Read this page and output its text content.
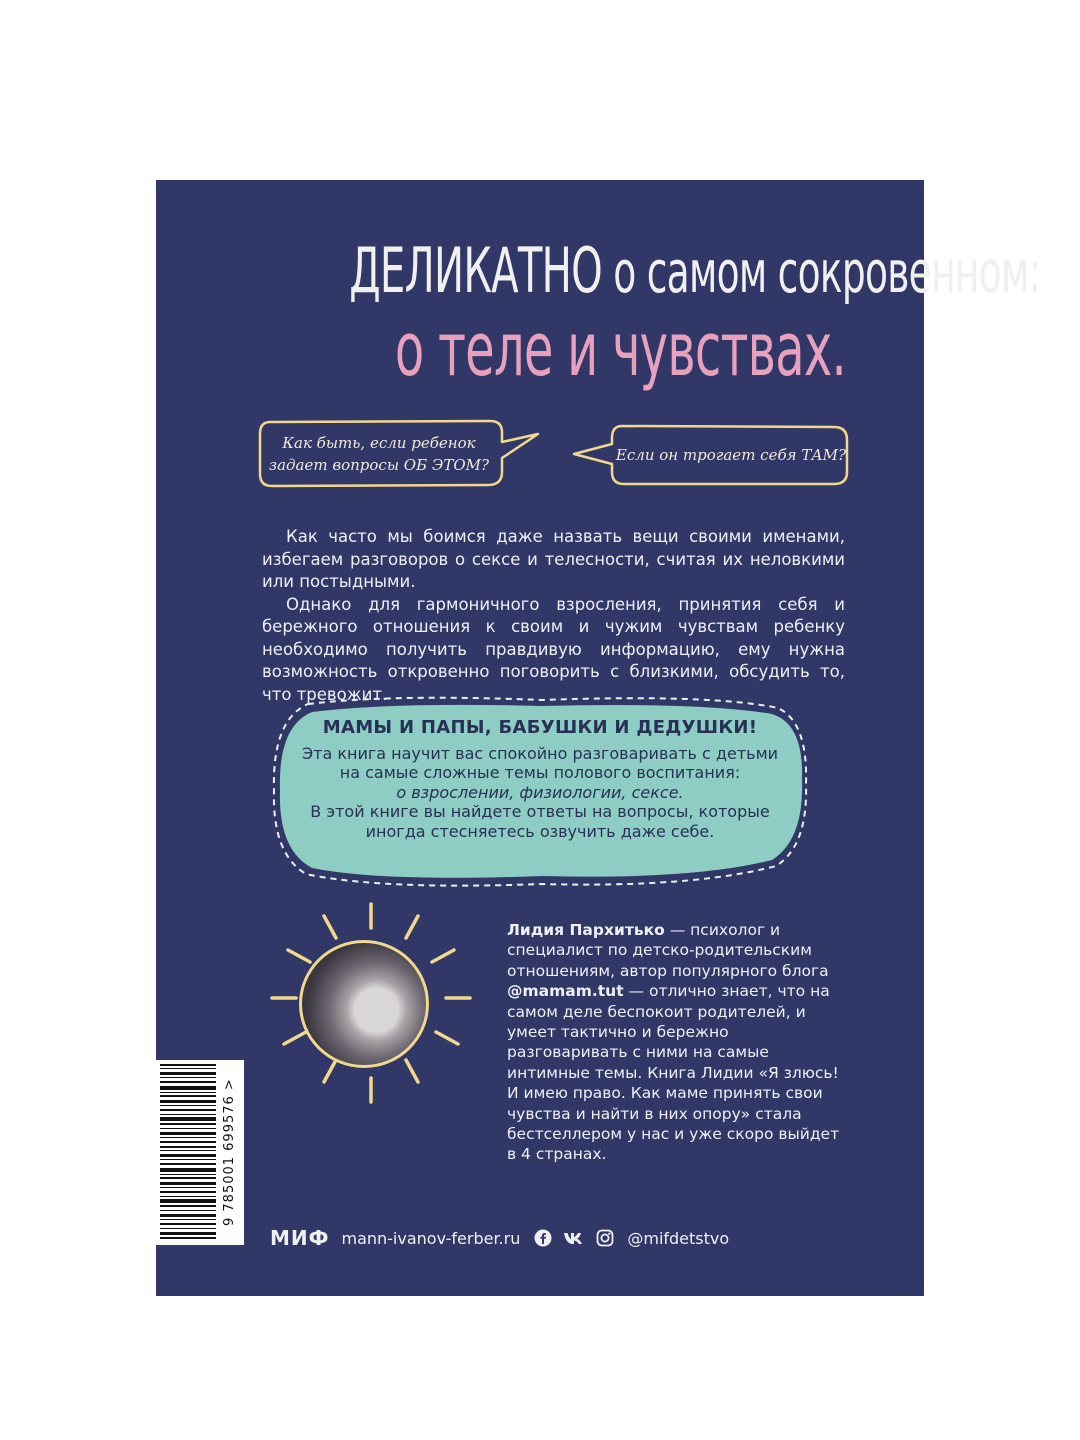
ДЕЛИКАТНО о самом сокровенном:
о теле и чувствах.
Как быть, если ребенок
задает вопросы ОБ ЭТОМ?
Если он трогает себя ТАМ?

Как часто мы боимся даже назвать вещи своими именами, избегаем разговоров о сексе и телесности, считая их неловкими или постыдными.

Однако для гармоничного взросления, принятия себя и бережного отношения к своим и чужим чувствам ребенку необходимо получить правдивую информацию, ему нужна возможность откровенно поговорить с близкими, обсудить то, что тревожит.

МАМЫ И ПАПЫ, БАБУШКИ И ДЕДУШКИ!
Эта книга научит вас спокойно разговаривать с детьми
на самые сложные темы полового воспитания:
о взрослении, физиологии, сексе.
В этой книге вы найдете ответы на вопросы, которые
иногда стесняетесь озвучить даже себе.
Лидия Пархитько — психолог и специалист по детско-родительским отношениям, автор популярного блога @mamam.tut — отлично знает, что на самом деле беспокоит родителей, и умеет тактично и бережно разговаривать с ними на самые интимные темы. Книга Лидии «Я злюсь! И имею право. Как маме принять свои чувства и найти в них опору» стала бестселлером у нас и уже скоро выйдет в 4 странах.
9 785001 699576 >
МИФ mann-ivanov-ferber.ru	@mifdetstvo
